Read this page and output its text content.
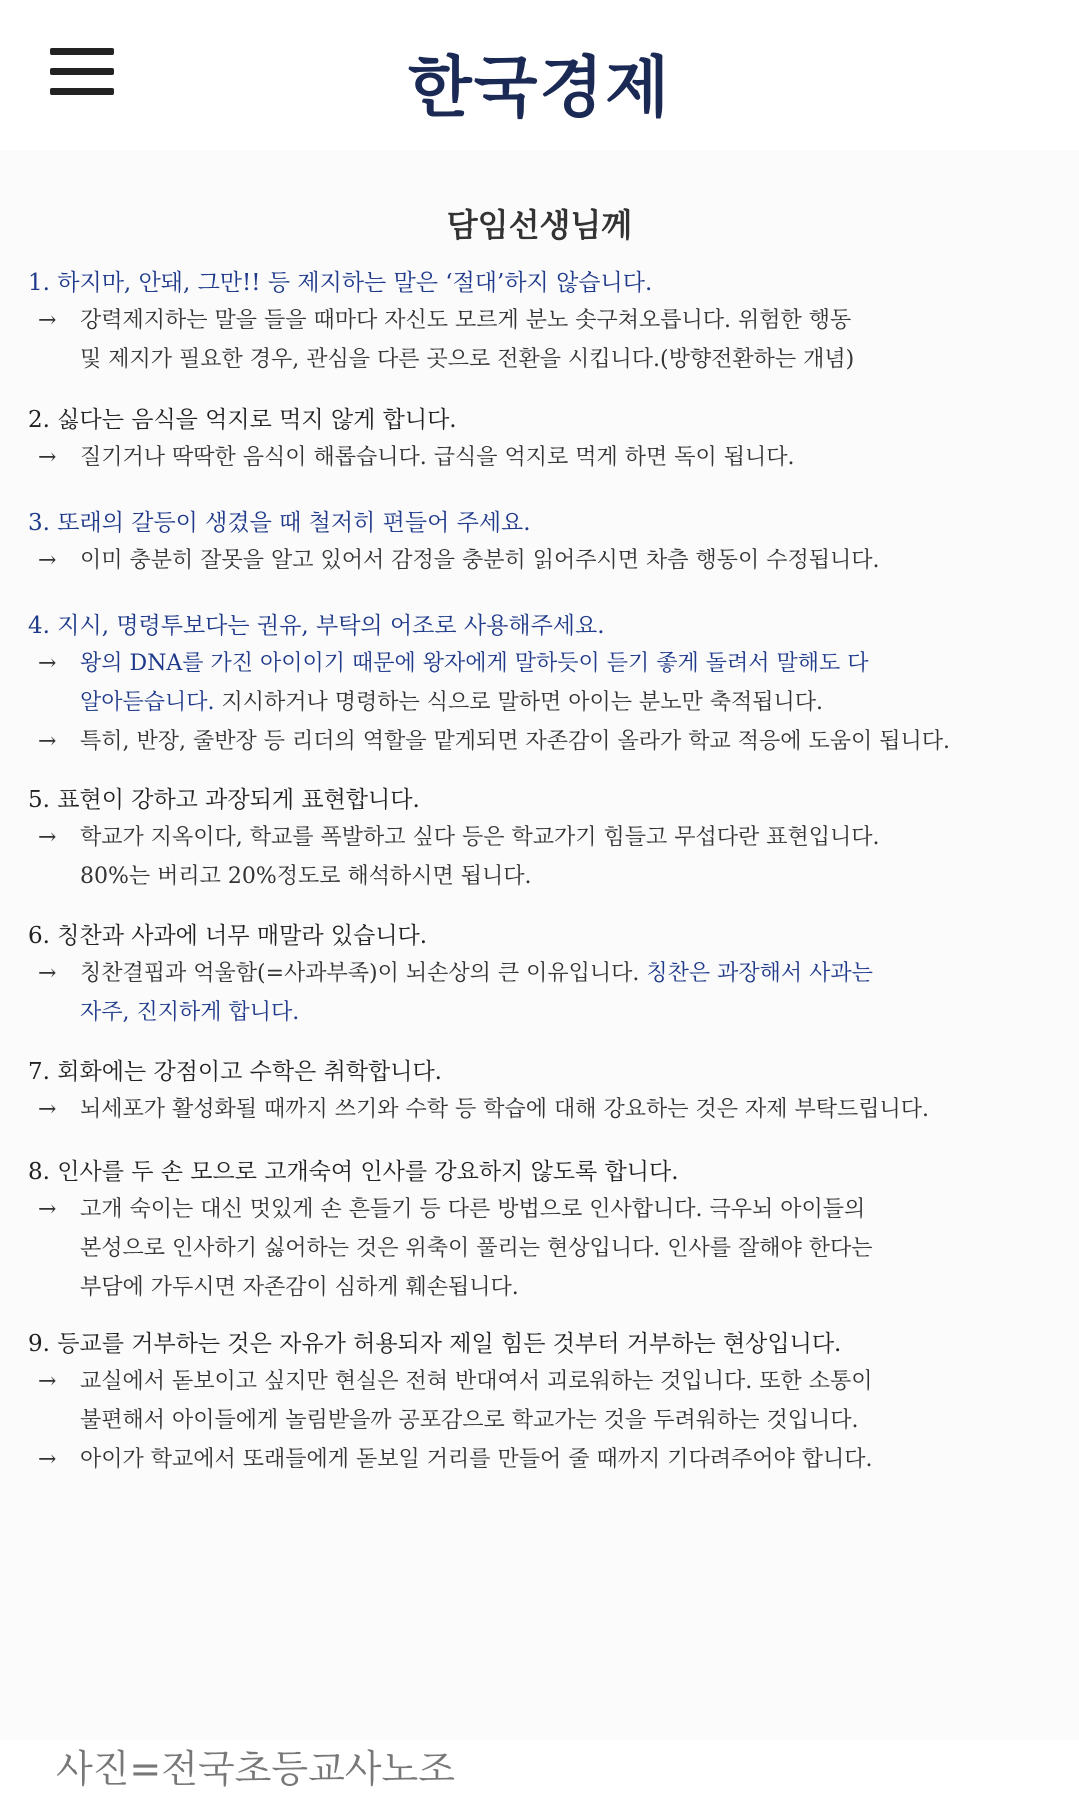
한국경제
담임선생님께
1. 하지마, 안돼, 그만!! 등 제지하는 말은 ‘절대’하지 않습니다.
→ 강력제지하는 말을 들을 때마다 자신도 모르게 분노 솟구쳐오릅니다. 위험한 행동
및 제지가 필요한 경우, 관심을 다른 곳으로 전환을 시킵니다.(방향전환하는 개념)
2. 싫다는 음식을 억지로 먹지 않게 합니다.
→ 질기거나 딱딱한 음식이 해롭습니다. 급식을 억지로 먹게 하면 독이 됩니다.
3. 또래의 갈등이 생겼을 때 철저히 편들어 주세요.
→ 이미 충분히 잘못을 알고 있어서 감정을 충분히 읽어주시면 차츰 행동이 수정됩니다.
4. 지시, 명령투보다는 권유, 부탁의 어조로 사용해주세요.
→ 왕의 DNA를 가진 아이이기 때문에 왕자에게 말하듯이 듣기 좋게 돌려서 말해도 다
알아듣습니다. 지시하거나 명령하는 식으로 말하면 아이는 분노만 축적됩니다.
→ 특히, 반장, 줄반장 등 리더의 역할을 맡게되면 자존감이 올라가 학교 적응에 도움이 됩니다.
5. 표현이 강하고 과장되게 표현합니다.
→ 학교가 지옥이다, 학교를 폭발하고 싶다 등은 학교가기 힘들고 무섭다란 표현입니다.
80%는 버리고 20%정도로 해석하시면 됩니다.
6. 칭찬과 사과에 너무 매말라 있습니다.
→ 칭찬결핍과 억울함(=사과부족)이 뇌손상의 큰 이유입니다. 칭찬은 과장해서 사과는
자주, 진지하게 합니다.
7. 회화에는 강점이고 수학은 취학합니다.
→ 뇌세포가 활성화될 때까지 쓰기와 수학 등 학습에 대해 강요하는 것은 자제 부탁드립니다.
8. 인사를 두 손 모으로 고개숙여 인사를 강요하지 않도록 합니다.
→ 고개 숙이는 대신 멋있게 손 흔들기 등 다른 방법으로 인사합니다. 극우뇌 아이들의
본성으로 인사하기 싫어하는 것은 위축이 풀리는 현상입니다. 인사를 잘해야 한다는
부담에 가두시면 자존감이 심하게 훼손됩니다.
9. 등교를 거부하는 것은 자유가 허용되자 제일 힘든 것부터 거부하는 현상입니다.
→ 교실에서 돋보이고 싶지만 현실은 전혀 반대여서 괴로워하는 것입니다. 또한 소통이
불편해서 아이들에게 놀림받을까 공포감으로 학교가는 것을 두려워하는 것입니다.
→ 아이가 학교에서 또래들에게 돋보일 거리를 만들어 줄 때까지 기다려주어야 합니다.
사진=전국초등교사노조
